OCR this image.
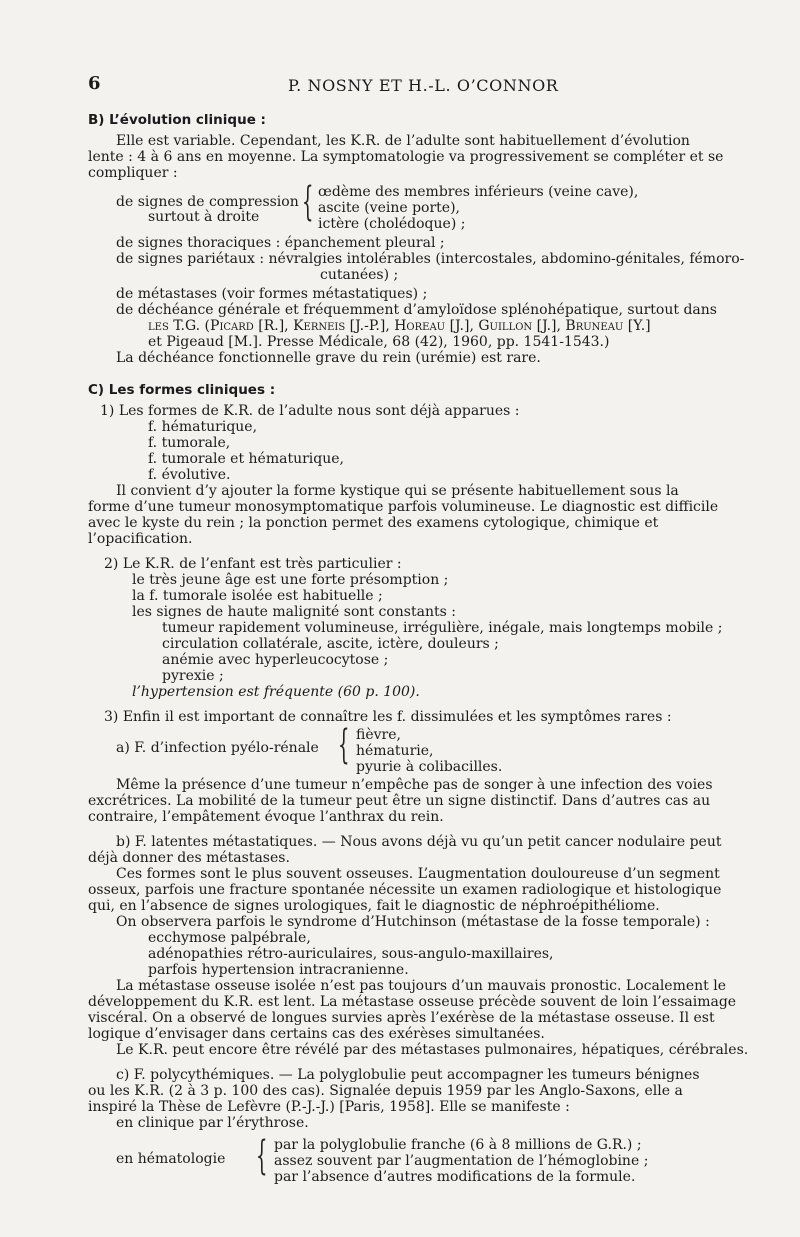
6	P. NOSNY ET H.-L. O’CONNOR
B) L’évolution clinique :
Elle est variable. Cependant, les K.R. de l’adulte sont habituellement d’évolution
lente : 4 à 6 ans en moyenne. La symptomatologie va progressivement se compléter et se
compliquer :
de signes de compression
surtout à droite { œdème des membres inférieurs (veine cave),
ascite (veine porte),
ictère (cholédoque) ;
de signes thoraciques : épanchement pleural ;
de signes pariétaux : névralgies intolérables (intercostales, abdomino-génitales, fémoro-
cutanées) ;
de métastases (voir formes métastatiques) ;
de déchéance générale et fréquemment d’amyloïdose splénohépatique, surtout dans
les T.G. (Picard [R.], Kerneis [J.-P.], Horeau [J.], Guillon [J.], Bruneau [Y.]
et Pigeaud [M.]. Presse Médicale, 68 (42), 1960, pp. 1541-1543.)
La déchéance fonctionnelle grave du rein (urémie) est rare.
C) Les formes cliniques :
1) Les formes de K.R. de l’adulte nous sont déjà apparues :
f. hématurique,
f. tumorale,
f. tumorale et hématurique,
f. évolutive.
Il convient d’y ajouter la forme kystique qui se présente habituellement sous la
forme d’une tumeur monosymptomatique parfois volumineuse. Le diagnostic est difficile
avec le kyste du rein ; la ponction permet des examens cytologique, chimique et
l’opacification.
2) Le K.R. de l’enfant est très particulier :
le très jeune âge est une forte présomption ;
la f. tumorale isolée est habituelle ;
les signes de haute malignité sont constants :
tumeur rapidement volumineuse, irrégulière, inégale, mais longtemps mobile ;
circulation collatérale, ascite, ictère, douleurs ;
anémie avec hyperleucocytose ;
pyrexie ;
l’hypertension est fréquente (60 p. 100).
3) Enfin il est important de connaître les f. dissimulées et les symptômes rares :
a) F. d’infection pyélo-rénale { fièvre,
hématurie,
pyurie à colibacilles.
Même la présence d’une tumeur n’empêche pas de songer à une infection des voies
excrétrices. La mobilité de la tumeur peut être un signe distinctif. Dans d’autres cas au
contraire, l’empâtement évoque l’anthrax du rein.
b) F. latentes métastatiques. — Nous avons déjà vu qu’un petit cancer nodulaire peut
déjà donner des métastases.
Ces formes sont le plus souvent osseuses. L’augmentation douloureuse d’un segment
osseux, parfois une fracture spontanée nécessite un examen radiologique et histologique
qui, en l’absence de signes urologiques, fait le diagnostic de néphroépithéliome.
On observera parfois le syndrome d’Hutchinson (métastase de la fosse temporale) :
ecchymose palpébrale,
adénopathies rétro-auriculaires, sous-angulo-maxillaires,
parfois hypertension intracranienne.
La métastase osseuse isolée n’est pas toujours d’un mauvais pronostic. Localement le
développement du K.R. est lent. La métastase osseuse précède souvent de loin l’essaimage
viscéral. On a observé de longues survies après l’exérèse de la métastase osseuse. Il est
logique d’envisager dans certains cas des exérèses simultanées.
Le K.R. peut encore être révélé par des métastases pulmonaires, hépatiques, cérébrales.
c) F. polycythémiques. — La polyglobulie peut accompagner les tumeurs bénignes
ou les K.R. (2 à 3 p. 100 des cas). Signalée depuis 1959 par les Anglo-Saxons, elle a
inspiré la Thèse de Lefèvre (P.-J.-J.) [Paris, 1958]. Elle se manifeste :
en clinique par l’érythrose.
en hématologie { par la polyglobulie franche (6 à 8 millions de G.R.) ;
assez souvent par l’augmentation de l’hémoglobine ;
par l’absence d’autres modifications de la formule.
